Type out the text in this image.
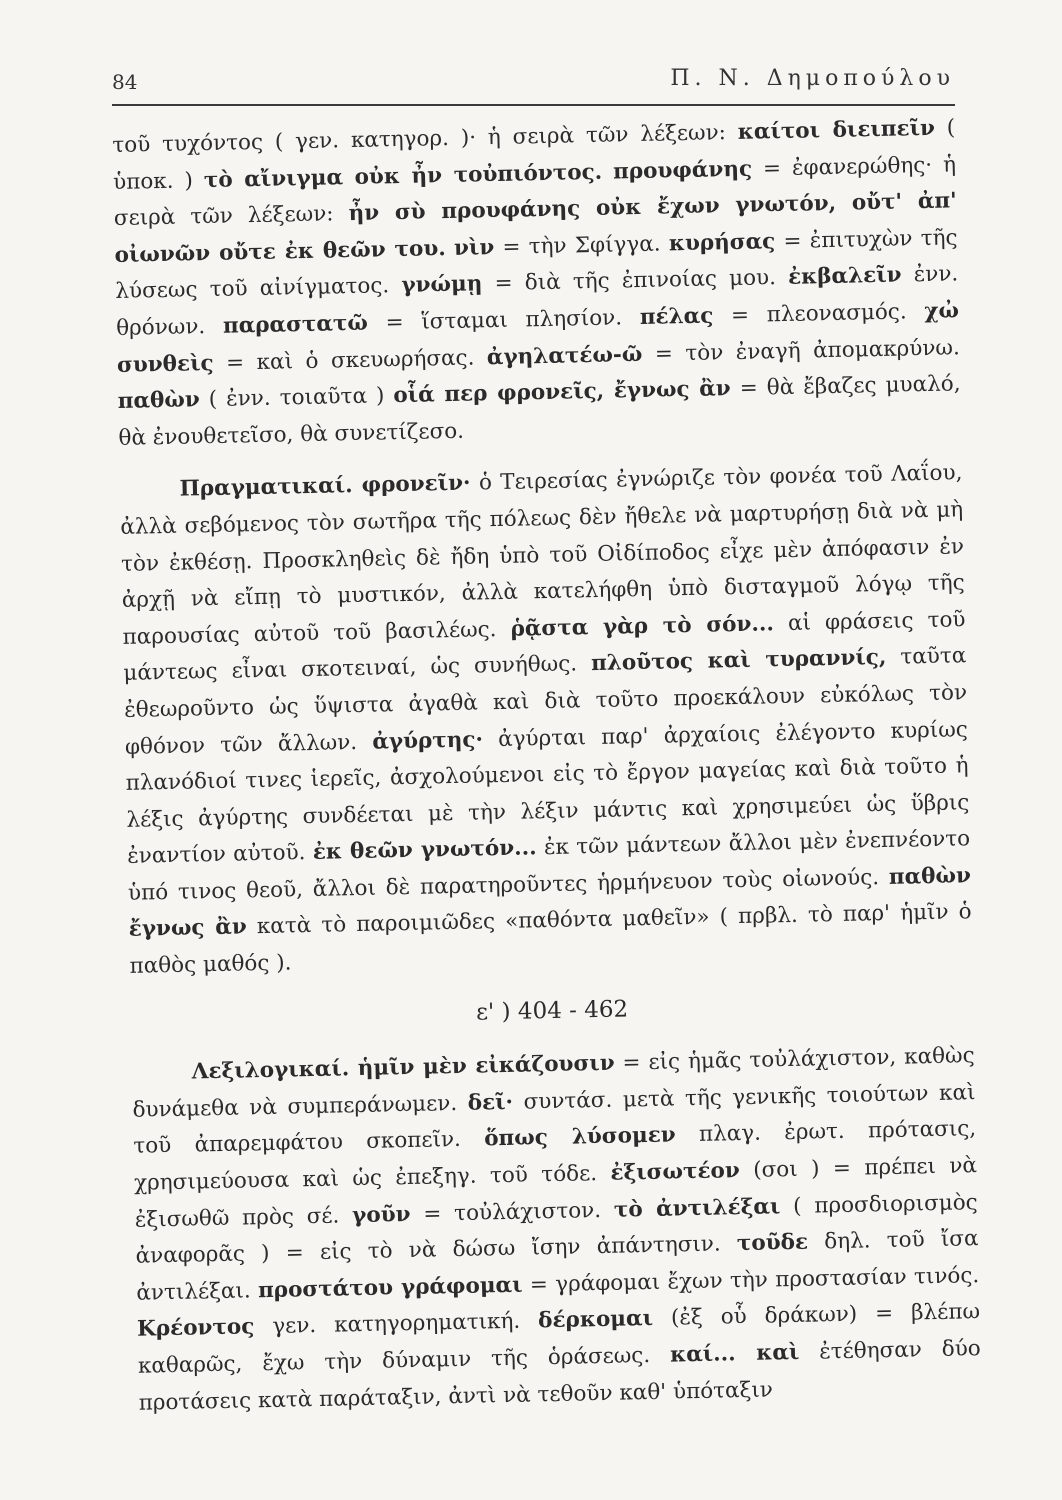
84	Π. Ν. Δημοπούλου

τοῦ τυχόντος ( γεν. κατηγορ. )· ἡ σειρὰ τῶν λέξεων: καίτοι διειπεῖν ( ὑποκ. ) τὸ αἴνιγμα οὐκ ἦν τοὐπιόντος. προυφάνης = ἐφανερώθης· ἡ σειρὰ τῶν λέξεων: ἦν σὺ προυφάνης οὐκ ἔχων γνωτόν, οὔτ' ἀπ' οἰωνῶν οὔτε ἐκ θεῶν του. νὶν = τὴν Σφίγγα. κυρήσας = ἐπιτυχὼν τῆς λύσεως τοῦ αἰνίγματος. γνώμῃ = διὰ τῆς ἐπινοίας μου. ἐκβαλεῖν ἐνν. θρόνων. παραστατῶ = ἵσταμαι πλησίον. πέλας = πλεονασμός. χὠ συνθεὶς = καὶ ὁ σκευωρήσας. ἀγηλατέω-ῶ = τὸν ἐναγῆ ἀπομακρύνω. παθὼν ( ἐνν. τοιαῦτα ) οἷά περ φρονεῖς, ἔγνως ἂν = θὰ ἔβαζες μυαλό, θὰ ἐνουθετεῖσο, θὰ συνετίζεσο.

Πραγματικαί. φρονεῖν· ὁ Τειρεσίας ἐγνώριζε τὸν φονέα τοῦ Λαΐου, ἀλλὰ σεβόμενος τὸν σωτῆρα τῆς πόλεως δὲν ἤθελε νὰ μαρτυρήσῃ διὰ νὰ μὴ τὸν ἐκθέσῃ. Προσκληθεὶς δὲ ἤδη ὑπὸ τοῦ Οἰδίποδος εἶχε μὲν ἀπόφασιν ἐν ἀρχῇ νὰ εἴπῃ τὸ μυστικόν, ἀλλὰ κατελήφθη ὑπὸ δισταγμοῦ λόγῳ τῆς παρουσίας αὐτοῦ τοῦ βασιλέως. ῥᾷστα γὰρ τὸ σόν... αἱ φράσεις τοῦ μάντεως εἶναι σκοτειναί, ὡς συνήθως. πλοῦτος καὶ τυραννίς, ταῦτα ἐθεωροῦντο ὡς ὕψιστα ἀγαθὰ καὶ διὰ τοῦτο προεκάλουν εὐκόλως τὸν φθόνον τῶν ἄλλων. ἀγύρτης· ἀγύρται παρ' ἀρχαίοις ἐλέγοντο κυρίως πλανόδιοί τινες ἱερεῖς, ἀσχολούμενοι εἰς τὸ ἔργον μαγείας καὶ διὰ τοῦτο ἡ λέξις ἀγύρτης συνδέεται μὲ τὴν λέξιν μάντις καὶ χρησιμεύει ὡς ὕβρις ἐναντίον αὐτοῦ. ἐκ θεῶν γνωτόν... ἐκ τῶν μάντεων ἄλλοι μὲν ἐνεπνέοντο ὑπό τινος θεοῦ, ἄλλοι δὲ παρατηροῦντες ἡρμήνευον τοὺς οἰωνούς. παθὼν ἔγνως ἂν κατὰ τὸ παροιμιῶδες «παθόντα μαθεῖν» ( πρβλ. τὸ παρ' ἡμῖν ὁ παθὸς μαθός ).

ε' ) 404 - 462

Λεξιλογικαί. ἡμῖν μὲν εἰκάζουσιν = εἰς ἡμᾶς τοὐλάχιστον, καθὼς δυνάμεθα νὰ συμπεράνωμεν. δεῖ· συντάσ. μετὰ τῆς γενικῆς τοιούτων καὶ τοῦ ἀπαρεμφάτου σκοπεῖν. ὅπως λύσομεν πλαγ. ἐρωτ. πρότασις, χρησιμεύουσα καὶ ὡς ἐπεξηγ. τοῦ τόδε. ἐξισωτέον (σοι ) = πρέπει νὰ ἐξισωθῶ πρὸς σέ. γοῦν = τοὐλάχιστον. τὸ ἀντιλέξαι ( προσδιορισμὸς ἀναφορᾶς ) = εἰς τὸ νὰ δώσω ἴσην ἀπάντησιν. τοῦδε δηλ. τοῦ ἴσα ἀντιλέξαι. προστάτου γράφομαι = γράφομαι ἔχων τὴν προστασίαν τινός. Κρέοντος γεν. κατηγορηματική. δέρκομαι (ἐξ οὗ δράκων) = βλέπω καθαρῶς, ἔχω τὴν δύναμιν τῆς ὁράσεως. καί... καὶ ἐτέθησαν δύο προτάσεις κατὰ παράταξιν, ἀντὶ νὰ τεθοῦν καθ' ὑπόταξιν
